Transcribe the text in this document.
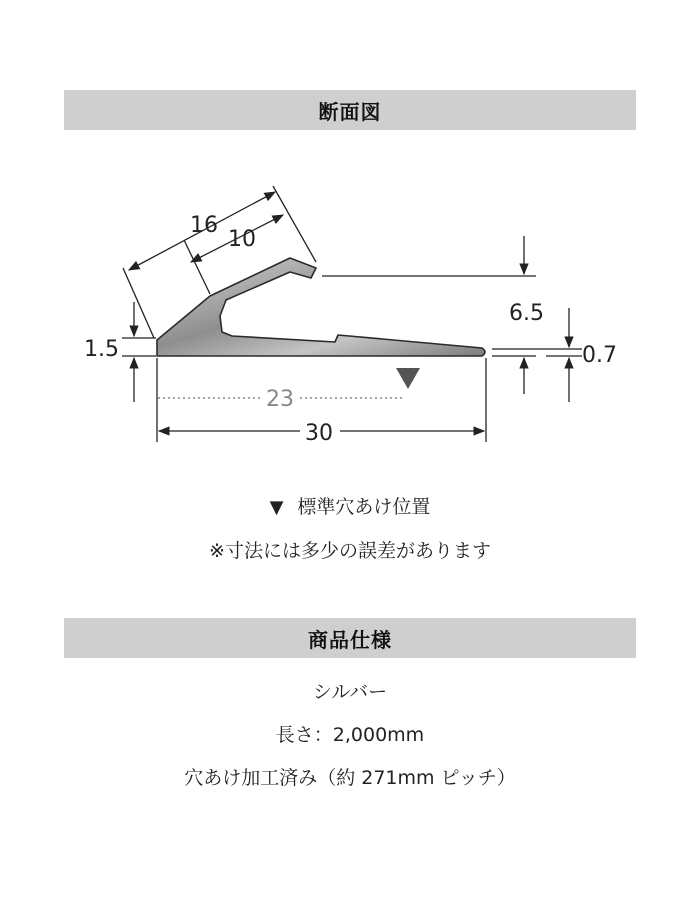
断面図
16
10
1.5
6.5
0.7
23
30
▼ 標準穴あけ位置
※寸法には多少の誤差があります
商品仕様
シルバー
長さ：2,000mm
穴あけ加工済み（約 271mm ピッチ）
